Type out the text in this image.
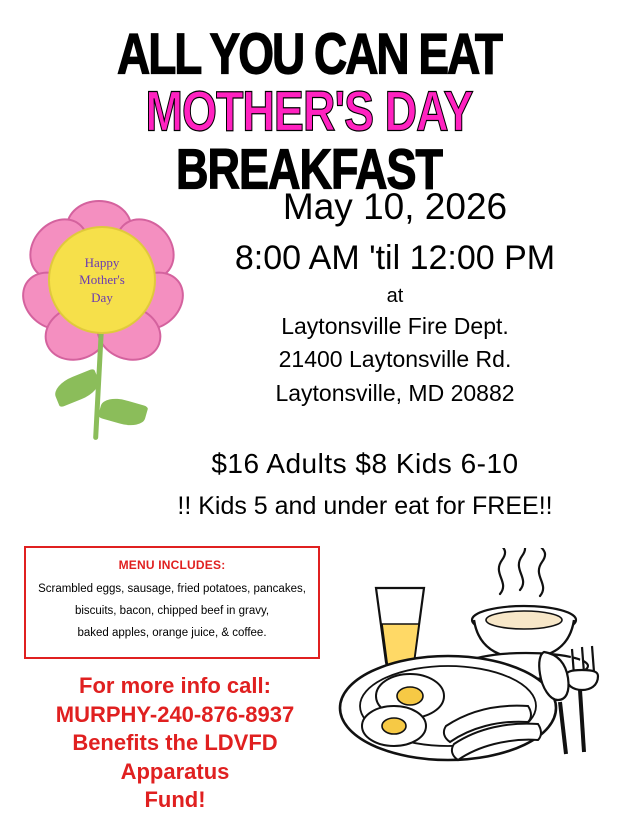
ALL YOU CAN EAT
MOTHER'S DAY
BREAKFAST
Happy
Mother's
Day
May 10, 2026
8:00 AM 'til 12:00 PM
at
Laytonsville Fire Dept.
21400 Laytonsville Rd.
Laytonsville, MD 20882
$16 Adults $8 Kids 6-10
!! Kids 5 and under eat for FREE!!
MENU INCLUDES:
Scrambled eggs, sausage, fried potatoes, pancakes,
biscuits, bacon, chipped beef in gravy,
baked apples, orange juice, & coffee.
For more info call:
MURPHY-240-876-8937
Benefits the LDVFD Apparatus
Fund!
